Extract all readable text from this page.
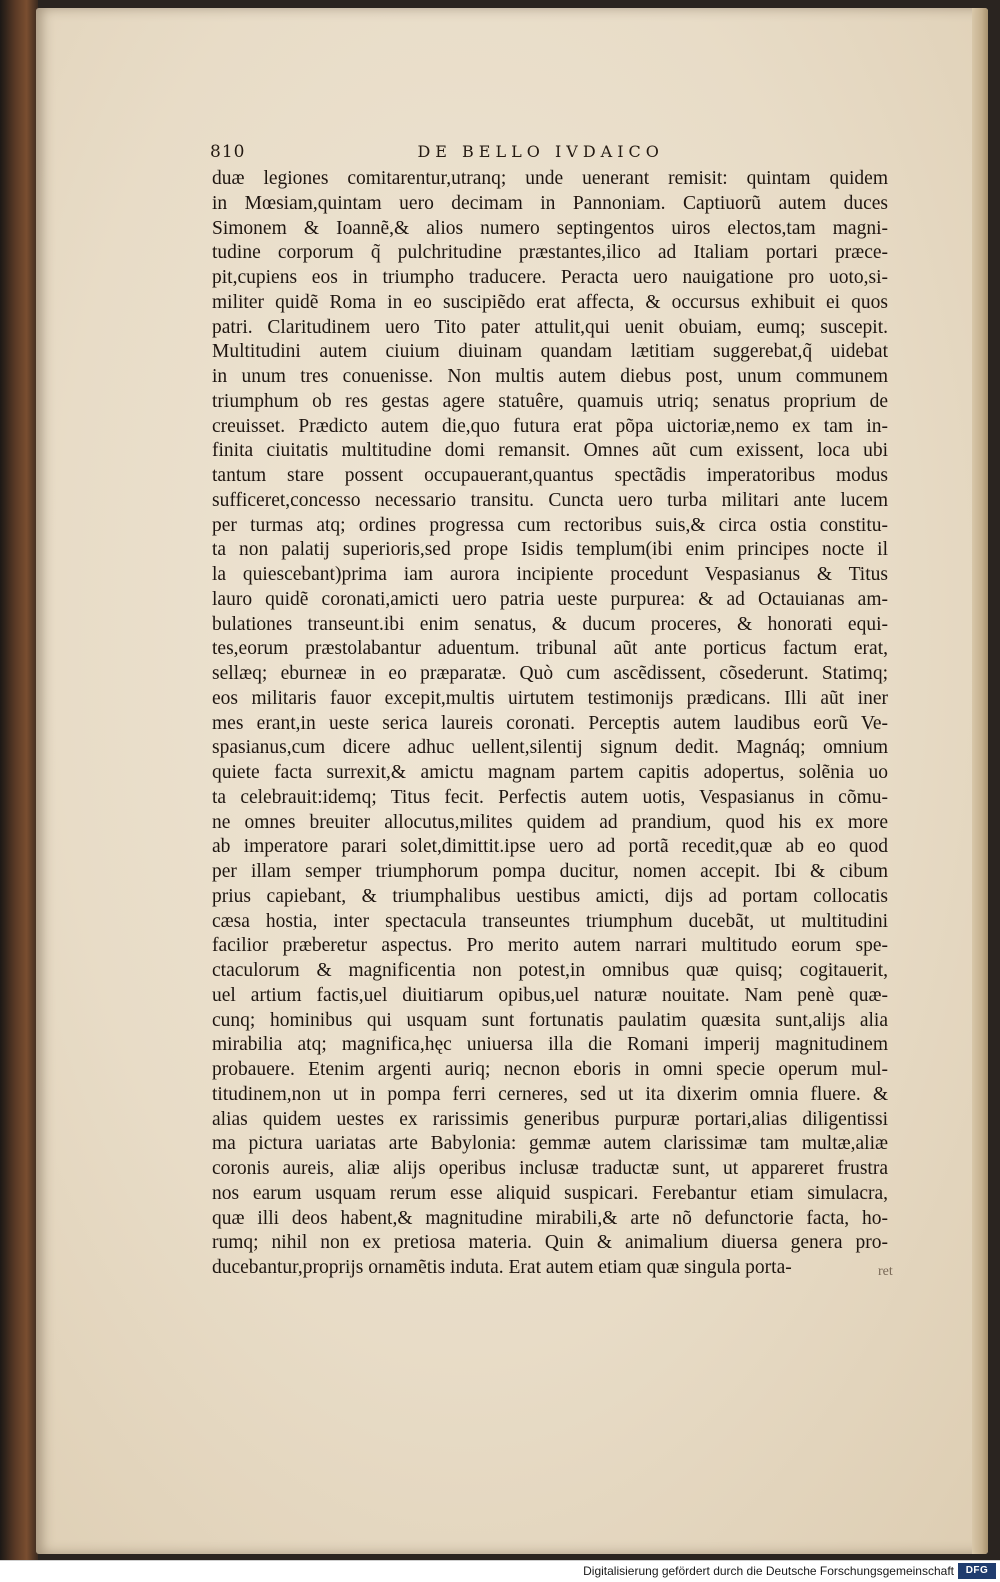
810	DE BELLO IVDAICO
duæ legiones comitarentur,utranq; unde uenerant remisit: quintam quidem
in Mœsiam,quintam uero decimam in Pannoniam. Captiuorũ autem duces
Simonem & Ioannẽ,& alios numero septingentos uiros electos,tam magni-
tudine corporum q̃ pulchritudine præstantes,ilico ad Italiam portari præce-
pit,cupiens eos in triumpho traducere. Peracta uero nauigatione pro uoto,si-
militer quidẽ Roma in eo suscipiẽdo erat affecta, & occursus exhibuit ei quos
patri. Claritudinem uero Tito pater attulit,qui uenit obuiam, eumq; suscepit.
Multitudini autem ciuium diuinam quandam lætitiam suggerebat,q̃ uidebat
in unum tres conuenisse. Non multis autem diebus post, unum communem
triumphum ob res gestas agere statuêre, quamuis utriq; senatus proprium de
creuisset. Prædicto autem die,quo futura erat põpa uictoriæ,nemo ex tam in-
finita ciuitatis multitudine domi remansit. Omnes aũt cum exissent, loca ubi
tantum stare possent occupauerant,quantus spectãdis imperatoribus modus
sufficeret,concesso necessario transitu. Cuncta uero turba militari ante lucem
per turmas atq; ordines progressa cum rectoribus suis,& circa ostia constitu-
ta non palatij superioris,sed prope Isidis templum(ibi enim principes nocte il
la quiescebant)prima iam aurora incipiente procedunt Vespasianus & Titus
lauro quidẽ coronati,amicti uero patria ueste purpurea: & ad Octauianas am-
bulationes transeunt.ibi enim senatus, & ducum proceres, & honorati equi-
tes,eorum præstolabantur aduentum. tribunal aũt ante porticus factum erat,
sellæq; eburneæ in eo præparatæ. Quò cum ascẽdissent, cõsederunt. Statimq;
eos militaris fauor excepit,multis uirtutem testimonijs prædicans. Illi aũt iner
mes erant,in ueste serica laureis coronati. Perceptis autem laudibus eorũ Ve-
spasianus,cum dicere adhuc uellent,silentij signum dedit. Magnáq; omnium
quiete facta surrexit,& amictu magnam partem capitis adopertus, solẽnia uo
ta celebrauit:idemq; Titus fecit. Perfectis autem uotis, Vespasianus in cõmu-
ne omnes breuiter allocutus,milites quidem ad prandium, quod his ex more
ab imperatore parari solet,dimittit.ipse uero ad portã recedit,quæ ab eo quod
per illam semper triumphorum pompa ducitur, nomen accepit. Ibi & cibum
prius capiebant, & triumphalibus uestibus amicti, dijs ad portam collocatis
cæsa hostia, inter spectacula transeuntes triumphum ducebãt, ut multitudini
facilior præberetur aspectus. Pro merito autem narrari multitudo eorum spe-
ctaculorum & magnificentia non potest,in omnibus quæ quisq; cogitauerit,
uel artium factis,uel diuitiarum opibus,uel naturæ nouitate. Nam penè quæ-
cunq; hominibus qui usquam sunt fortunatis paulatim quæsita sunt,alijs alia
mirabilia atq; magnifica,hęc uniuersa illa die Romani imperij magnitudinem
probauere. Etenim argenti auriq; necnon eboris in omni specie operum mul-
titudinem,non ut in pompa ferri cerneres, sed ut ita dixerim omnia fluere. &
alias quidem uestes ex rarissimis generibus purpuræ portari,alias diligentissi
ma pictura uariatas arte Babylonia: gemmæ autem clarissimæ tam multæ,aliæ
coronis aureis, aliæ alijs operibus inclusæ traductæ sunt, ut appareret frustra
nos earum usquam rerum esse aliquid suspicari. Ferebantur etiam simulacra,
quæ illi deos habent,& magnitudine mirabili,& arte nõ defunctorie facta, ho-
rumq; nihil non ex pretiosa materia. Quin & animalium diuersa genera pro-
ducebantur,proprijs ornamẽtis induta. Erat autem etiam quæ singula porta-	ret
Digitalisierung gefördert durch die Deutsche Forschungsgemeinschaft	DFG
